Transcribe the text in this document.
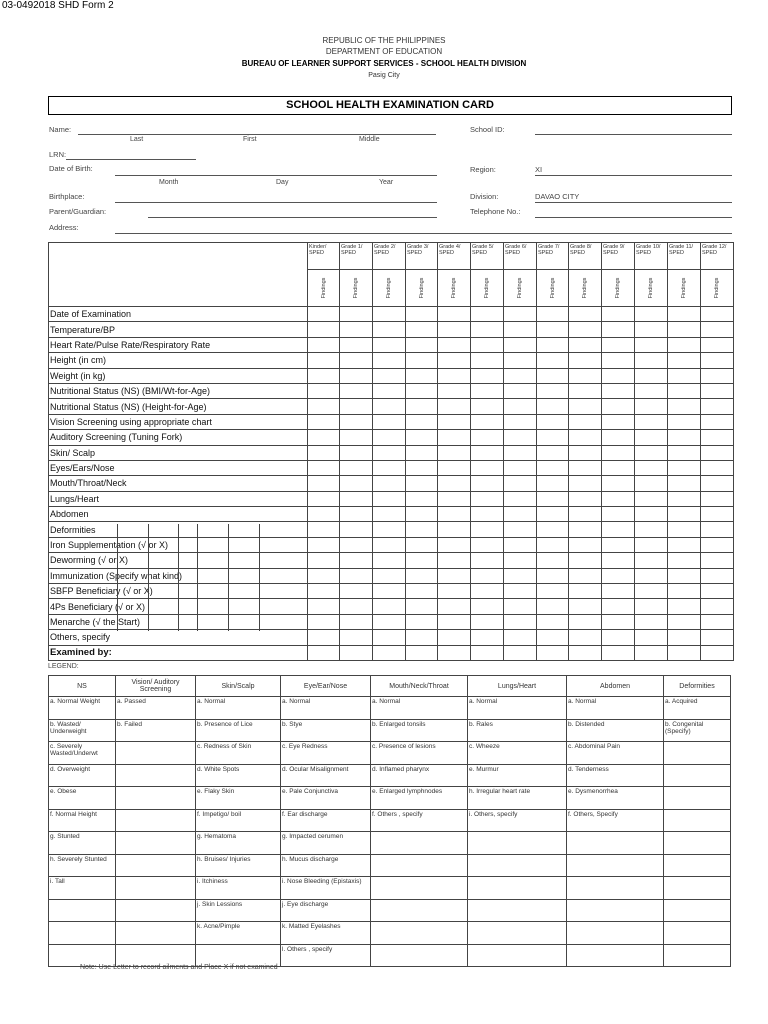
03-0492018 SHD Form 2
REPUBLIC OF THE PHILIPPINES
DEPARTMENT OF EDUCATION
BUREAU OF LEARNER SUPPORT SERVICES - SCHOOL HEALTH DIVISION
Pasig City
SCHOOL HEALTH EXAMINATION CARD
Name:
Last	First	Middle
LRN:
Date of Birth:
Month	Day	Year
Birthplace:
Parent/Guardian:
Address:
School ID:
Region:	XI
Division:	DAVAO CITY
Telephone No.:
	Kinder/ SPED	Grade 1/ SPED	Grade 2/ SPED	Grade 3/ SPED	Grade 4/ SPED	Grade 5/ SPED	Grade 6/ SPED	Grade 7/ SPED	Grade 8/ SPED	Grade 9/ SPED	Grade 10/ SPED	Grade 11/ SPED	Grade 12/ SPED

	Findings	Findings	Findings	Findings	Findings	Findings	Findings	Findings	Findings	Findings	Findings	Findings	Findings

Date of Examination													
Temperature/BP													
Heart Rate/Pulse Rate/Respiratory Rate													
Height (in cm)													
Weight (in kg)													
Nutritional Status (NS) (BMI/Wt-for-Age)													
Nutritional Status (NS) (Height-for-Age)													
Vision Screening using appropriate chart													
Auditory Screening (Tuning Fork)													
Skin/ Scalp													
Eyes/Ears/Nose													
Mouth/Throat/Neck													
Lungs/Heart													
Abdomen													
Deformities													
Iron Supplementation (√ or X)													
Deworming (√ or X)													
Immunization (Specify what kind)													
SBFP Beneficiary (√ or X)													
4Ps Beneficiary (√ or X)													
Menarche (√ the Start)													
Others, specify													
Examined by:													
LEGEND:
NS	Vision/ Auditory Screening	Skin/Scalp	Eye/Ear/Nose	Mouth/Neck/Throat	Lungs/Heart	Abdomen	Deformities
a. Normal Weight	a. Passed	a. Normal	a. Normal	a. Normal	a. Normal	a. Normal	a. Acquired
b. Wasted/ Underweight	b. Failed	b. Presence of Lice	b. Stye	b. Enlarged tonsils	b. Rales	b. Distended	b. Congenital (Specify)
c. Severely Wasted/Underwt		c. Redness of Skin	c. Eye Redness	c. Presence of lesions	c. Wheeze	c. Abdominal Pain	
d. Overweight		d. White Spots	d. Ocular Misalignment	d. Inflamed pharynx	e. Murmur	d. Tenderness	
e. Obese		e. Flaky Skin	e. Pale Conjunctiva	e. Enlarged lymphnodes	h. Irregular heart rate	e. Dysmenorrhea	
f. Normal Height		f. Impetigo/ boil	f. Ear discharge	f. Others , specify	i. Others, specify	f. Others, Specify	
g. Stunted		g. Hematoma	g. Impacted cerumen				
h. Severely Stunted		h. Bruises/ Injuries	h. Mucus discharge				
i. Tall		i. Itchiness	i. Nose Bleeding (Epistaxis)				
		j. Skin Lessions	j. Eye discharge				
		k. Acne/Pimple	k. Matted Eyelashes				
			l. Others , specify				
Note: Use Letter to record ailments and Place X if not examined
